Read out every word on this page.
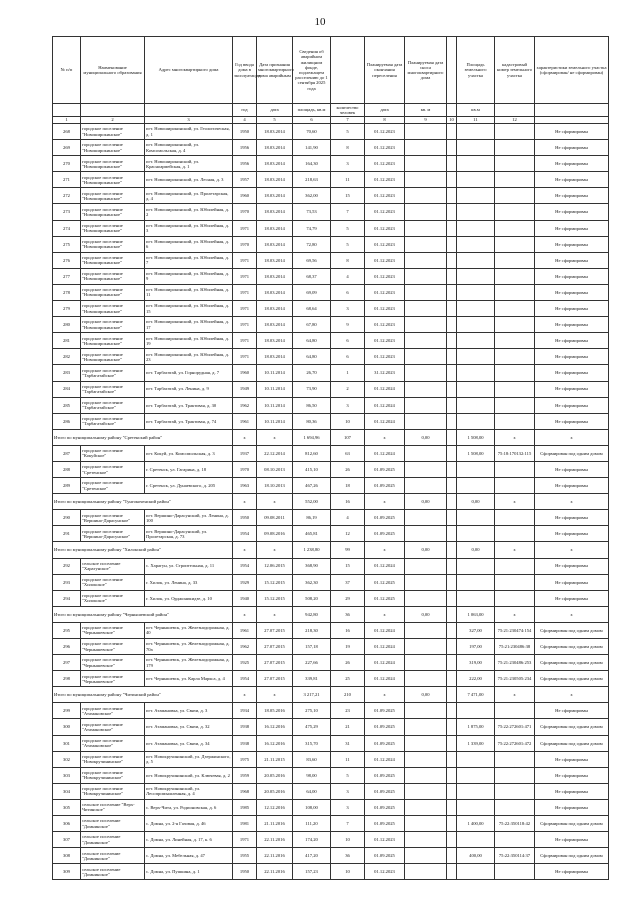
10
№ п/п	Наименование муниципального образования	Адрес многоквартирного дома	Год ввода дома в эксплуатацию	Дата признания многоквартирного дома аварийным	Сведения об аварийном жилищном фонде, подлежащем расселению до 1 сентября 2025 года		Планируемая дата окончания переселения	Планируемая дата сноса многоквартирного дома		Площадь земельного участка	кадастровый номер земельного участка	характеристики земельного участка (сформирован/ не сформирован)
			год	дата	площадь, кв.м	количество человек	дата	кв. м		кв.м		
1	2	3	4	5	6	7	8	9	10	11	12	
268	городское поселение "Новоширокинское"	пгт. Новоширокинский, ул. Геологическая, д. 1	1950	18.03.2014	70,60	5	01.12.2023					Не сформирован
269	городское поселение "Новоширокинское"	пгт. Новоширокинский, ул. Комсомольская, д. 4	1956	18.03.2014	141,90	8	01.12.2023					Не сформирован
270	городское поселение "Новоширокинское"	пгт. Новоширокинский, ул. Красноармейская, д. 1	1956	18.03.2014	164,30	3	01.12.2023					Не сформирован
271	городское поселение "Новоширокинское"	пгт. Новоширокинский, ул. Лесная, д. 3	1957	18.03.2014	218,63	11	01.12.2023					Не сформирован
272	городское поселение "Новоширокинское"	пгт. Новоширокинский, ул. Пролетарская, д. 4	1960	18.03.2014	362,00	15	01.12.2023					Не сформирован
273	городское поселение "Новоширокинское"	пгт. Новоширокинский, ул. Юбилейная, д. 2	1970	18.03.2014	73,53	7	01.12.2023					Не сформирован
274	городское поселение "Новоширокинское"	пгт. Новоширокинский, ул. Юбилейная, д. 3	1971	18.03.2014	74,79	5	01.12.2023					Не сформирован
275	городское поселение "Новоширокинское"	пгт. Новоширокинский, ул. Юбилейная, д. 6	1970	18.03.2014	72,80	5	01.12.2023					Не сформирован
276	городское поселение "Новоширокинское"	пгт. Новоширокинский, ул. Юбилейная, д. 7	1971	18.03.2014	69,56	8	01.12.2023					Не сформирован
277	городское поселение "Новоширокинское"	пгт. Новоширокинский, ул. Юбилейная, д. 9	1971	18.03.2014	68,37	4	01.12.2023					Не сформирован
278	городское поселение "Новоширокинское"	пгт. Новоширокинский, ул. Юбилейная, д. 11	1971	18.03.2014	69,09	6	01.12.2023					Не сформирован
279	городское поселение "Новоширокинское"	пгт. Новоширокинский, ул. Юбилейная, д. 15	1971	18.03.2014	68,64	3	01.12.2023					Не сформирован
280	городское поселение "Новоширокинское"	пгт. Новоширокинский, ул. Юбилейная, д. 17	1971	18.03.2014	67,80	9	01.12.2023					Не сформирован
281	городское поселение "Новоширокинское"	пгт. Новоширокинский, ул. Юбилейная, д. 19	1971	18.03.2014	64,80	6	01.12.2023					Не сформирован
282	городское поселение "Новоширокинское"	пгт. Новоширокинский, ул. Юбилейная, д. 23	1971	18.03.2014	64,80	6	01.12.2023					Не сформирован
283	городское поселение "Тарбагатайское"	пгт. Тарбагатай, ул. Горнорудная, д. 7	1960	10.11.2014	26,70	1	31.12.2023					Не сформирован
284	городское поселение "Тарбагатайское"	пгт. Тарбагатай, ул. Ленина, д. 9	1949	10.11.2014	73,90	2	01.12.2024					Не сформирован
285	городское поселение "Тарбагатайское"	пгт. Тарбагатай, ул. Трактовая, д. 30	1962	10.11.2014	86,50	3	01.12.2024					Не сформирован
286	городское поселение "Тарбагатайское"	пгт. Тарбагатай, ул. Трактовая, д. 74	1961	10.11.2014	80,36	10	01.12.2024					Не сформирован
Итого по муниципальному району "Сретенский район"			х	х	1 694,96	107	х	0,00		1 508,00	х	х
287	городское поселение "Кокуйское"	пгт. Кокуй, ул. Комсомольская, д. 3	1937	22.12.2014	812,60	63	01.12.2024			1 508,00	75:18:170132:115	Сформирован под одним домом
288	городское поселение "Сретенское"	г. Сретенск, ул. Гагарина, д. 18	1970	08.10.2013	415,10	26	01.09.2025					Не сформирован
289	городское поселение "Сретенское"	г. Сретенск, ул. Дунаевского, д. 205	1963	18.10.2013	467,26	18	01.09.2025					Не сформирован
Итого по муниципальному району "Тунгокоченский район"			х	х	552,00	16	х	0,00		0,00	х	х
290	городское поселение "Вершино-Дарасунское"	пгт. Вершино-Дарасунский, ул. Ленина, д. 100	1950	09.08.2011	86,19	4	01.09.2025					Не сформирован
291	городское поселение "Вершино-Дарасунское"	пгт. Вершино-Дарасунский, ул. Пролетарская, д. 73	1954	09.08.2016	465,81	12	01.09.2025					Не сформирован
Итого по муниципальному району "Хилокский район"			х	х	1 238,80	99	х	0,00		0,00	х	х
292	сельское поселение "Харагунское"	с. Харагун, ул. Строительная, д. 11	1954	12.06.2015	368,90	15	01.12.2024					Не сформирован
293	городское поселение "Хилокское"	г. Хилок, ул. Ленина, д. 33	1929	15.12.2015	362,30	37	01.12.2025					Не сформирован
294	городское поселение "Хилокское"	г. Хилок, ул. Орджоникидзе, д. 10	1940	15.12.2015	508,20	29	01.12.2025					Не сформирован
Итого по муниципальному району "Чернышевский район"			х	х	942,80	36	х	0,00		1 063,00	х	х
295	городское поселение "Чернышевское"	пгт. Чернышевск, ул. Железнодорожная, д. 40	1961	27.07.2015	218,30	16	01.12.2024			327,00	75:21:230474:154	Сформирован под одним домом
296	городское поселение "Чернышевское"	пгт. Чернышевск, ул. Железнодорожная, д. 70а	1962	27.07.2015	157,18	19	01.12.2024			197,00	75:21:230486:38	Сформирован под одним домом
297	городское поселение "Чернышевское"	пгт. Чернышевск, ул. Железнодорожная, д. 179	1925	27.07.2015	227,66	26	01.12.2024			319,00	75:21:230486:253	Сформирован под одним домом
298	городское поселение "Чернышевское"	пгт. Чернышевск, ул. Карла Маркса, д. 4	1954	27.07.2015	339,81	25	01.12.2024			222,00	75:21:230505:234	Сформирован под одним домом
Итого по муниципальному району "Читинский район"			х	х	3 217,21	210	х	0,00		7 471,00	х	х
299	городское поселение "Атамановское"	пгт. Атамановка, ул. Связи, д. 3	1934	18.05.2016	275,10	23	01.09.2025					Не сформирован
300	городское поселение "Атамановское"	пгт. Атамановка, ул. Связи, д. 32	1938	16.12.2016	475,29	21	01.09.2025			1 875,00	75:22:272601:471	Сформирован под одним домом
301	городское поселение "Атамановское"	пгт. Атамановка, ул. Связи, д. 34	1938	16.12.2016	315,70	31	01.09.2025			1 339,00	75:22:272601:472	Сформирован под одним домом
302	городское поселение "Новокручининское"	пгт. Новокручининский, ул. Дзержинского, д. 5	1975	21.11.2015	83,60	11	01.12.2024					Не сформирован
303	городское поселение "Новокручининское"	пгт. Новокручининский, ул. Ключевая, д. 2	1959	20.05.2016	98,00	5	01.09.2025					Не сформирован
304	городское поселение "Новокручининское"	пгт. Новокручининский, ул. Лесопромышленная, д. 4	1968	20.05.2016	64,00	3	01.09.2025					Не сформирован
305	сельское поселение "Верх-Читинское"	с. Верх-Чита, ул. Родионовская, д. 6	1985	12.12.2016	108,00	3	01.09.2025					Не сформирован
306	сельское поселение "Домнинское"	с. Домна, ул. 2-я Газовая, д. 46	1981	21.11.2016	111,20	7	01.09.2025			1 400,00	75:22:350118:42	Сформирован под одним домом
307	сельское поселение "Домнинское"	с. Домна, ул. Линейная, д. 17, к. 6	1971	22.11.2016	174,20	10	01.12.2023					Не сформирован
308	сельское поселение "Домнинское"	с. Домна, ул. Мебельная, д. 47	1955	22.11.2016	417,20	36	01.09.2025			400,00	75:22:350114:37	Сформирован под одним домом
309	сельское поселение "Домнинское"	с. Домна, ул. Пушкина, д. 1	1950	22.11.2016	157,23	10	01.12.2023					Не сформирован
